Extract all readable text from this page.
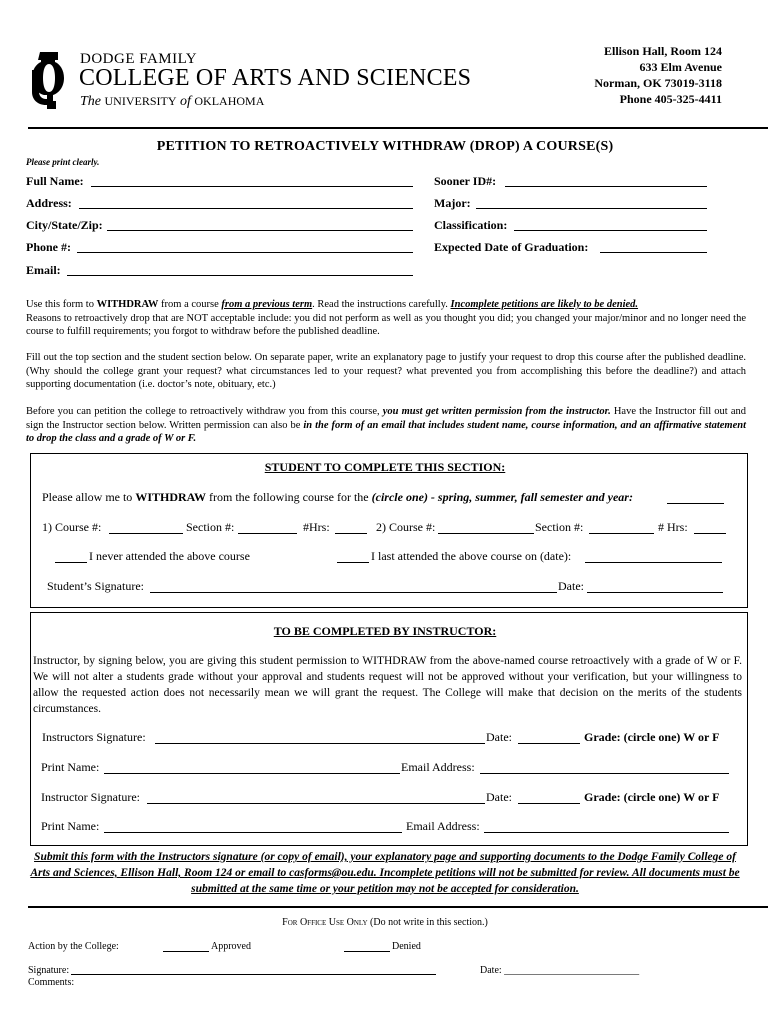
DODGE FAMILY
COLLEGE OF ARTS AND SCIENCES
The UNIVERSITY of OKLAHOMA
Ellison Hall, Room 124
633 Elm Avenue
Norman, OK 73019-3118
Phone 405-325-4411
PETITION TO RETROACTIVELY WITHDRAW (DROP) A COURSE(S)
Please print clearly.
Full Name:
Address:
City/State/Zip:
Phone #:
Email:
Sooner ID#:
Major:
Classification:
Expected Date of Graduation:
Use this form to WITHDRAW from a course from a previous term. Read the instructions carefully. Incomplete petitions are likely to be denied.
Reasons to retroactively drop that are NOT acceptable include: you did not perform as well as you thought you did; you changed your major/minor and no longer need the course to fulfill requirements; you forgot to withdraw before the published deadline.
Fill out the top section and the student section below. On separate paper, write an explanatory page to justify your request to drop this course after the published deadline. (Why should the college grant your request? what circumstances led to your request? what prevented you from accomplishing this before the deadline?) and attach supporting documentation (i.e. doctor’s note, obituary, etc.)
Before you can petition the college to retroactively withdraw you from this course, you must get written permission from the instructor. Have the Instructor fill out and sign the Instructor section below. Written permission can also be in the form of an email that includes student name, course information, and an affirmative statement to drop the class and a grade of W or F.
STUDENT TO COMPLETE THIS SECTION:
Please allow me to WITHDRAW from the following course for the (circle one) - spring, summer, fall semester and year:
1) Course #:	Section #:	#Hrs:	2) Course #:	Section #:	# Hrs:
I never attended the above course	I last attended the above course on (date):
Student’s Signature:	Date:
TO BE COMPLETED BY INSTRUCTOR:
Instructor, by signing below, you are giving this student permission to WITHDRAW from the above-named course retroactively with a grade of W or F. We will not alter a students grade without your approval and students request will not be approved without your verification, but your willingness to allow the requested action does not necessarily mean we will grant the request. The College will make that decision on the merits of the students circumstances.
Instructors Signature:	Date:	Grade: (circle one) W or F
Print Name:	Email Address:
Instructor Signature:	Date:	Grade: (circle one) W or F
Print Name:	Email Address:
Submit this form with the Instructors signature (or copy of email), your explanatory page and supporting documents to the Dodge Family College of Arts and Sciences, Ellison Hall, Room 124 or email to casforms@ou.edu. Incomplete petitions will not be submitted for review. All documents must be submitted at the same time or your petition may not be accepted for consideration.
For Office Use Only (Do not write in this section.)
Action by the College:	Approved	Denied
Signature:	Date: ___________________________
Comments:
